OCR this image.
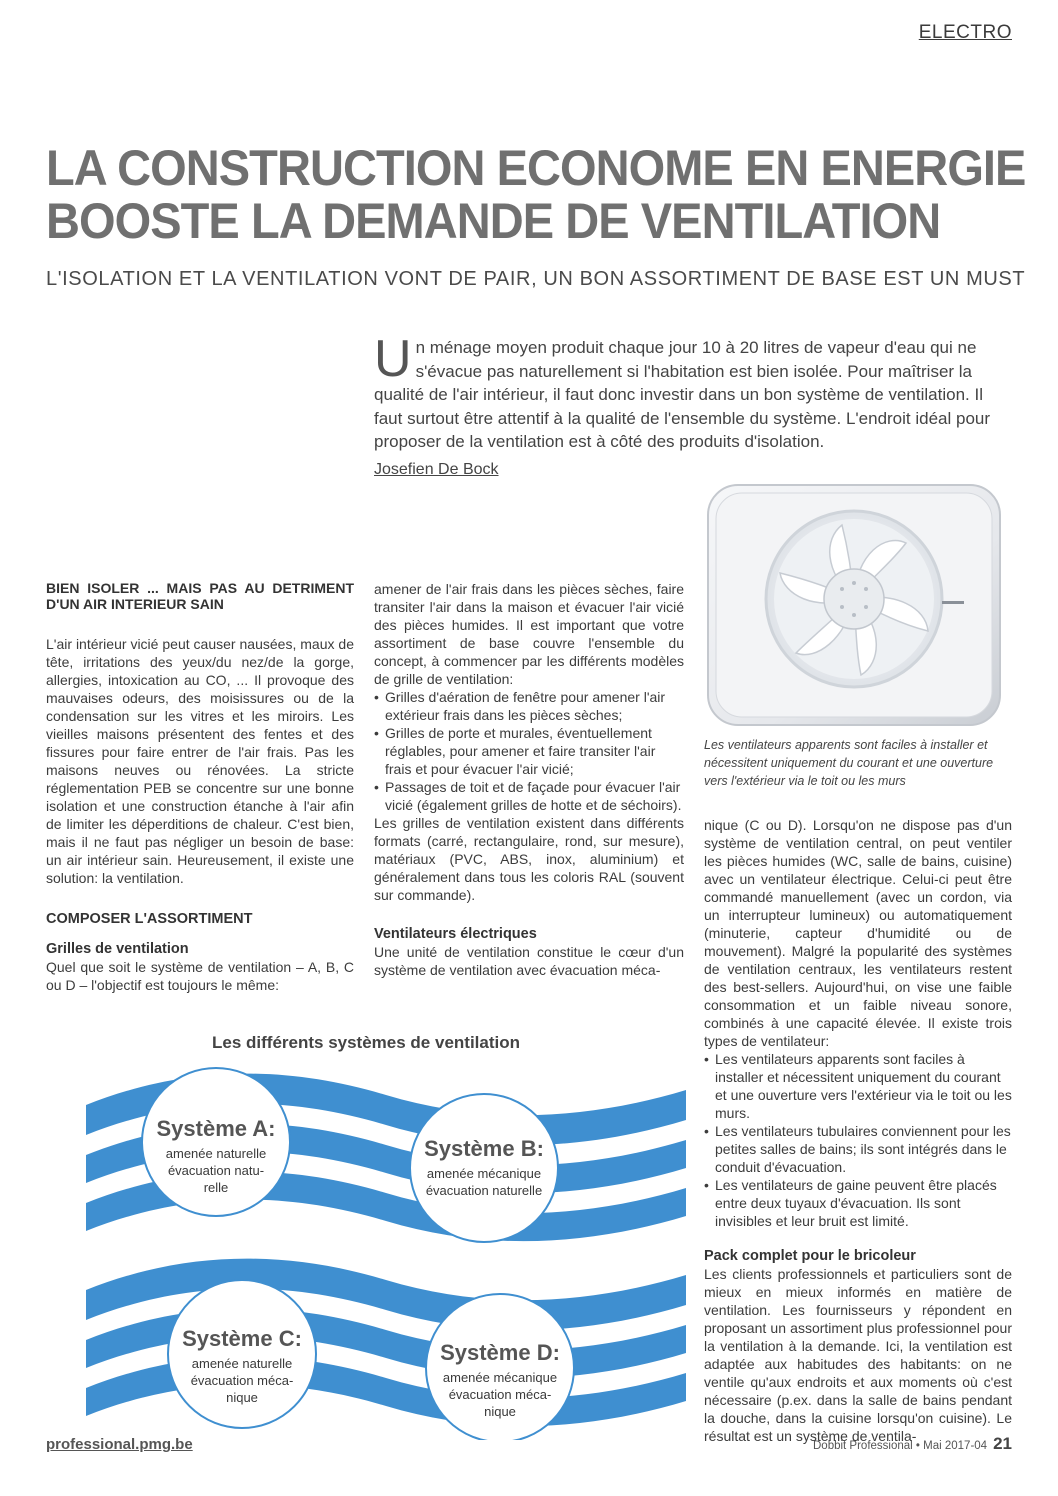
ELECTRO
LA CONSTRUCTION ECONOME EN ENERGIE
BOOSTE LA DEMANDE DE VENTILATION
L'ISOLATION ET LA VENTILATION VONT DE PAIR, UN BON ASSORTIMENT DE BASE EST UN MUST
Un ménage moyen produit chaque jour 10 à 20 litres de vapeur d'eau qui ne s'évacue pas naturellement si l'habitation est bien isolée. Pour maîtriser la qualité de l'air intérieur, il faut donc investir dans un bon système de ventilation. Il faut surtout être attentif à la qualité de l'ensemble du système. L'endroit idéal pour proposer de la ventilation est à côté des produits d'isolation.
Josefien De Bock
Les ventilateurs apparents sont faciles à installer et nécessitent uniquement du courant et une ouverture vers l'extérieur via le toit ou les murs
BIEN ISOLER ... MAIS PAS AU DETRIMENT D'UN AIR INTERIEUR SAIN

L'air intérieur vicié peut causer nausées, maux de tête, irritations des yeux/du nez/de la gorge, allergies, intoxication au CO, ... Il provoque des mauvaises odeurs, des moisissures ou de la condensation sur les vitres et les miroirs. Les vieilles maisons présentent des fentes et des fissures pour faire entrer de l'air frais. Pas les maisons neuves ou rénovées. La stricte réglementation PEB se concentre sur une bonne isolation et une construction étanche à l'air afin de limiter les déperditions de chaleur. C'est bien, mais il ne faut pas négliger un besoin de base: un air intérieur sain. Heureusement, il existe une solution: la ventilation.

COMPOSER L'ASSORTIMENT
Grilles de ventilation

Quel que soit le système de ventilation – A, B, C ou D – l'objectif est toujours le même:

amener de l'air frais dans les pièces sèches, faire transiter l'air dans la maison et évacuer l'air vicié des pièces humides. Il est important que votre assortiment de base couvre l'ensemble du concept, à commencer par les différents modèles de grille de ventilation:

• Grilles d'aération de fenêtre pour amener l'air extérieur frais dans les pièces sèches;
• Grilles de porte et murales, éventuellement réglables, pour amener et faire transiter l'air frais et pour évacuer l'air vicié;
• Passages de toit et de façade pour évacuer l'air vicié (également grilles de hotte et de séchoirs).

Les grilles de ventilation existent dans différents formats (carré, rectangulaire, rond, sur mesure), matériaux (PVC, ABS, inox, aluminium) et généralement dans tous les coloris RAL (souvent sur commande).

Ventilateurs électriques

Une unité de ventilation constitue le cœur d'un système de ventilation avec évacuation méca-

nique (C ou D). Lorsqu'on ne dispose pas d'un système de ventilation central, on peut ventiler les pièces humides (WC, salle de bains, cuisine) avec un ventilateur électrique. Celui-ci peut être commandé manuellement (avec un cordon, via un interrupteur lumineux) ou automatiquement (minuterie, capteur d'humidité ou de mouvement). Malgré la popularité des systèmes de ventilation centraux, les ventilateurs restent des best-sellers. Aujourd'hui, on vise une faible consommation et un faible niveau sonore, combinés à une capacité élevée. Il existe trois types de ventilateur:

• Les ventilateurs apparents sont faciles à installer et nécessitent uniquement du courant et une ouverture vers l'extérieur via le toit ou les murs.
• Les ventilateurs tubulaires conviennent pour les petites salles de bains; ils sont intégrés dans le conduit d'évacuation.
• Les ventilateurs de gaine peuvent être placés entre deux tuyaux d'évacuation. Ils sont invisibles et leur bruit est limité.
Pack complet pour le bricoleur

Les clients professionnels et particuliers sont de mieux en mieux informés en matière de ventilation. Les fournisseurs y répondent en proposant un assortiment plus professionnel pour la ventilation à la demande. Ici, la ventilation est adaptée aux habitudes des habitants: on ne ventile qu'aux endroits et aux moments où c'est nécessaire (p.ex. dans la salle de bains pendant la douche, dans la cuisine lorsqu'on cuisine). Le résultat est un système de ventila-

Les différents systèmes de ventilation
Système A:
amenée naturelle
évacuation natu-
relle
Système B:
amenée mécanique
évacuation naturelle
Système C:
amenée naturelle
évacuation méca-
nique
Système D:
amenée mécanique
évacuation méca-
nique
professional.pmg.be	Dobbit Professional • Mai 2017-04 21
